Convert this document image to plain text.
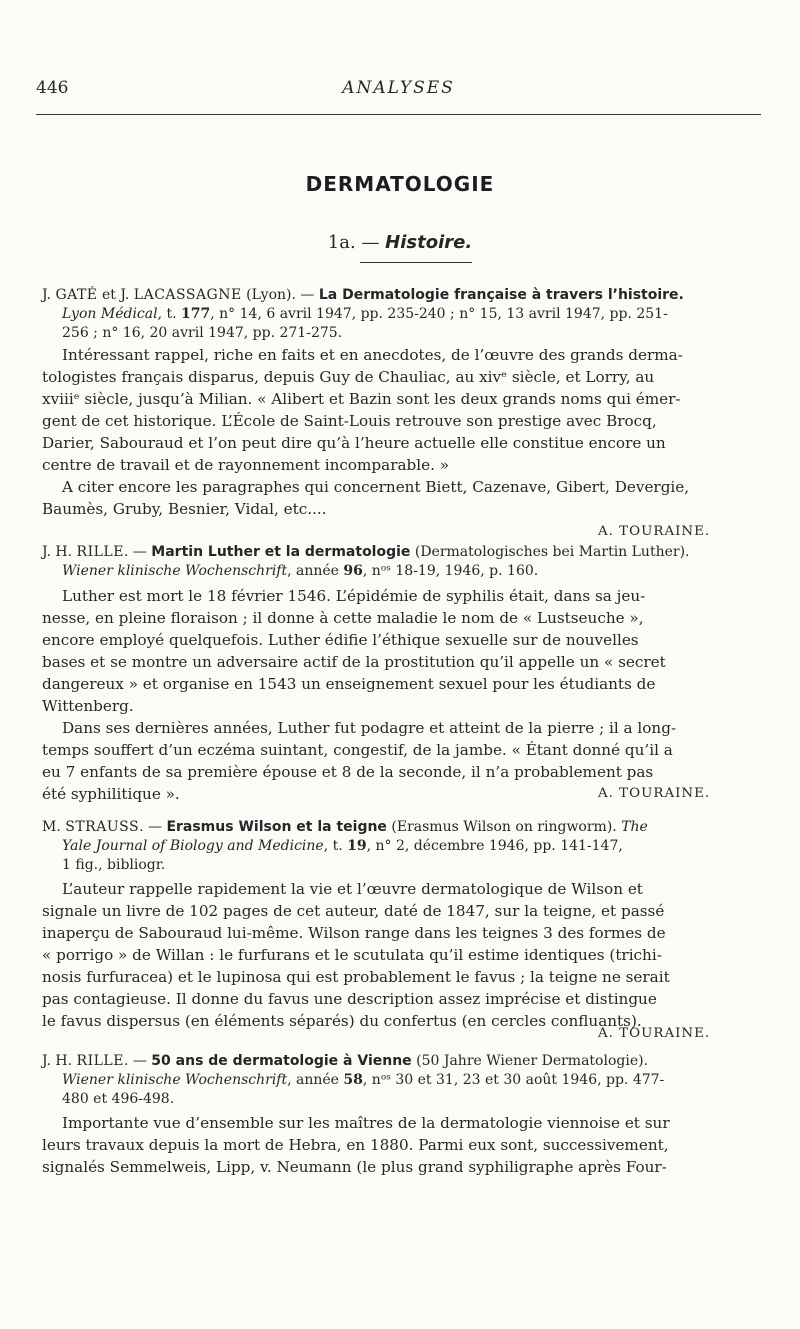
446	ANALYSES
DERMATOLOGIE
1a. — Histoire.
J. GATÉ et J. LACASSAGNE (Lyon). — La Dermatologie française à travers l’histoire.
Lyon Médical, t. 177, n° 14, 6 avril 1947, pp. 235-240 ; n° 15, 13 avril 1947, pp. 251-
256 ; n° 16, 20 avril 1947, pp. 271-275.
Intéressant rappel, riche en faits et en anecdotes, de l’œuvre des grands derma-
tologistes français disparus, depuis Guy de Chauliac, au xivᵉ siècle, et Lorry, au
xviiiᵉ siècle, jusqu’à Milian. « Alibert et Bazin sont les deux grands noms qui émer-
gent de cet historique. L’École de Saint-Louis retrouve son prestige avec Brocq,
Darier, Sabouraud et l’on peut dire qu’à l’heure actuelle elle constitue encore un
centre de travail et de rayonnement incomparable. »
A citer encore les paragraphes qui concernent Biett, Cazenave, Gibert, Devergie,
Baumès, Gruby, Besnier, Vidal, etc....
A. TOURAINE.
J. H. RILLE. — Martin Luther et la dermatologie (Dermatologisches bei Martin Luther).
Wiener klinische Wochenschrift, année 96, nᵒˢ 18-19, 1946, p. 160.
Luther est mort le 18 février 1546. L’épidémie de syphilis était, dans sa jeu-
nesse, en pleine floraison ; il donne à cette maladie le nom de « Lustseuche »,
encore employé quelquefois. Luther édifie l’éthique sexuelle sur de nouvelles
bases et se montre un adversaire actif de la prostitution qu’il appelle un « secret
dangereux » et organise en 1543 un enseignement sexuel pour les étudiants de
Wittenberg.
Dans ses dernières années, Luther fut podagre et atteint de la pierre ; il a long-
temps souffert d’un eczéma suintant, congestif, de la jambe. « Étant donné qu’il a
eu 7 enfants de sa première épouse et 8 de la seconde, il n’a probablement pas
été syphilitique ».	A. TOURAINE.
M. STRAUSS. — Erasmus Wilson et la teigne (Erasmus Wilson on ringworm). The
Yale Journal of Biology and Medicine, t. 19, n° 2, décembre 1946, pp. 141-147,
1 fig., bibliogr.
L’auteur rappelle rapidement la vie et l’œuvre dermatologique de Wilson et
signale un livre de 102 pages de cet auteur, daté de 1847, sur la teigne, et passé
inaperçu de Sabouraud lui-même. Wilson range dans les teignes 3 des formes de
« porrigo » de Willan : le furfurans et le scutulata qu’il estime identiques (trichi-
nosis furfuracea) et le lupinosa qui est probablement le favus ; la teigne ne serait
pas contagieuse. Il donne du favus une description assez imprécise et distingue
le favus dispersus (en éléments séparés) du confertus (en cercles confluants).
A. TOURAINE.
J. H. RILLE. — 50 ans de dermatologie à Vienne (50 Jahre Wiener Dermatologie).
Wiener klinische Wochenschrift, année 58, nᵒˢ 30 et 31, 23 et 30 août 1946, pp. 477-
480 et 496-498.
Importante vue d’ensemble sur les maîtres de la dermatologie viennoise et sur
leurs travaux depuis la mort de Hebra, en 1880. Parmi eux sont, successivement,
signalés Semmelweis, Lipp, v. Neumann (le plus grand syphiligraphe après Four-
